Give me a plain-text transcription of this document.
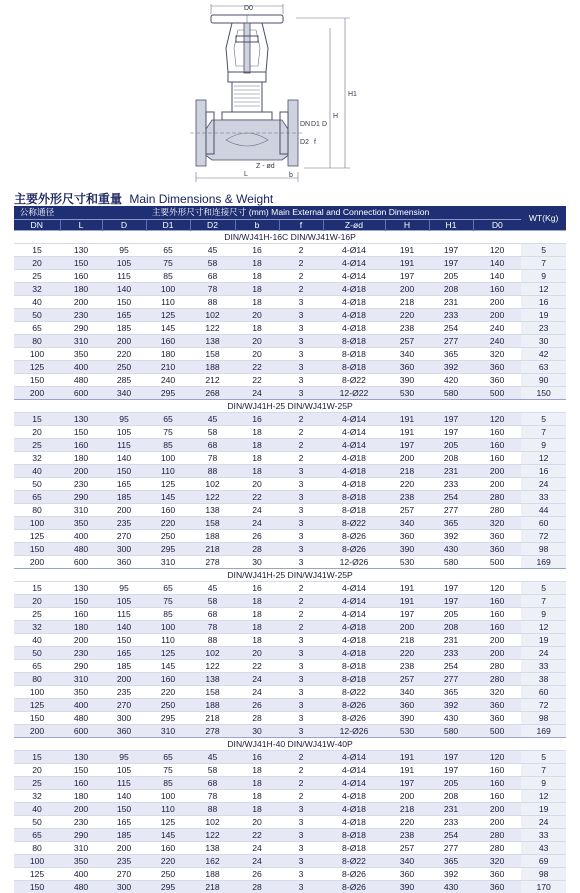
D0
H1
H
DN D1 D
D2 f
Z - ød
b
L
主要外形尺寸和重量 Main Dimensions & Weight
公称通径	主要外形尺寸和连接尺寸 (mm) Main External and Connection Dimension										WT(Kg)
DN	L	D	D1	D2	b	f	Z-ød	H	H1	D0	
DIN/WJ41H-16C DIN/WJ41W-16P											
15	130	95	65	45	16	2	4-Ø14	191	197	120	5
20	150	105	75	58	18	2	4-Ø14	191	197	140	7
25	160	115	85	68	18	2	4-Ø14	197	205	140	9
32	180	140	100	78	18	2	4-Ø18	200	208	160	12
40	200	150	110	88	18	3	4-Ø18	218	231	200	16
50	230	165	125	102	20	3	4-Ø18	220	233	200	19
65	290	185	145	122	18	3	4-Ø18	238	254	240	23
80	310	200	160	138	20	3	8-Ø18	257	277	240	30
100	350	220	180	158	20	3	8-Ø18	340	365	320	42
125	400	250	210	188	22	3	8-Ø18	360	392	360	63
150	480	285	240	212	22	3	8-Ø22	390	420	360	90
200	600	340	295	268	24	3	12-Ø22	530	580	500	150
DIN/WJ41H-25 DIN/WJ41W-25P											
15	130	95	65	45	16	2	4-Ø14	191	197	120	5
20	150	105	75	58	18	2	4-Ø14	191	197	160	7
25	160	115	85	68	18	2	4-Ø14	197	205	160	9
32	180	140	100	78	18	2	4-Ø18	200	208	160	12
40	200	150	110	88	18	3	4-Ø18	218	231	200	16
50	230	165	125	102	20	3	4-Ø18	220	233	200	24
65	290	185	145	122	22	3	8-Ø18	238	254	280	33
80	310	200	160	138	24	3	8-Ø18	257	277	280	44
100	350	235	220	158	24	3	8-Ø22	340	365	320	60
125	400	270	250	188	26	3	8-Ø26	360	392	360	72
150	480	300	295	218	28	3	8-Ø26	390	430	360	98
200	600	360	310	278	30	3	12-Ø26	530	580	500	169
DIN/WJ41H-25 DIN/WJ41W-25P											
15	130	95	65	45	16	2	4-Ø14	191	197	120	5
20	150	105	75	58	18	2	4-Ø14	191	197	160	7
25	160	115	85	68	18	2	4-Ø14	197	205	160	9
32	180	140	100	78	18	2	4-Ø18	200	208	160	12
40	200	150	110	88	18	3	4-Ø18	218	231	200	19
50	230	165	125	102	20	3	4-Ø18	220	233	200	24
65	290	185	145	122	22	3	8-Ø18	238	254	280	33
80	310	200	160	138	24	3	8-Ø18	257	277	280	38
100	350	235	220	158	24	3	8-Ø22	340	365	320	60
125	400	270	250	188	26	3	8-Ø26	360	392	360	72
150	480	300	295	218	28	3	8-Ø26	390	430	360	98
200	600	360	310	278	30	3	12-Ø26	530	580	500	169
DIN/WJ41H-40 DIN/WJ41W-40P											
15	130	95	65	45	16	2	4-Ø14	191	197	120	5
20	150	105	75	58	18	2	4-Ø14	191	197	160	7
25	160	115	85	68	18	2	4-Ø14	197	205	160	9
32	180	140	100	78	18	2	4-Ø18	200	208	160	12
40	200	150	110	88	18	3	4-Ø18	218	231	200	19
50	230	165	125	102	20	3	4-Ø18	220	233	200	24
65	290	185	145	122	22	3	8-Ø18	238	254	280	33
80	310	200	160	138	24	3	8-Ø18	257	277	280	43
100	350	235	220	162	24	3	8-Ø22	340	365	320	69
125	400	270	250	188	26	3	8-Ø26	360	392	360	98
150	480	300	295	218	28	3	8-Ø26	390	430	360	170
